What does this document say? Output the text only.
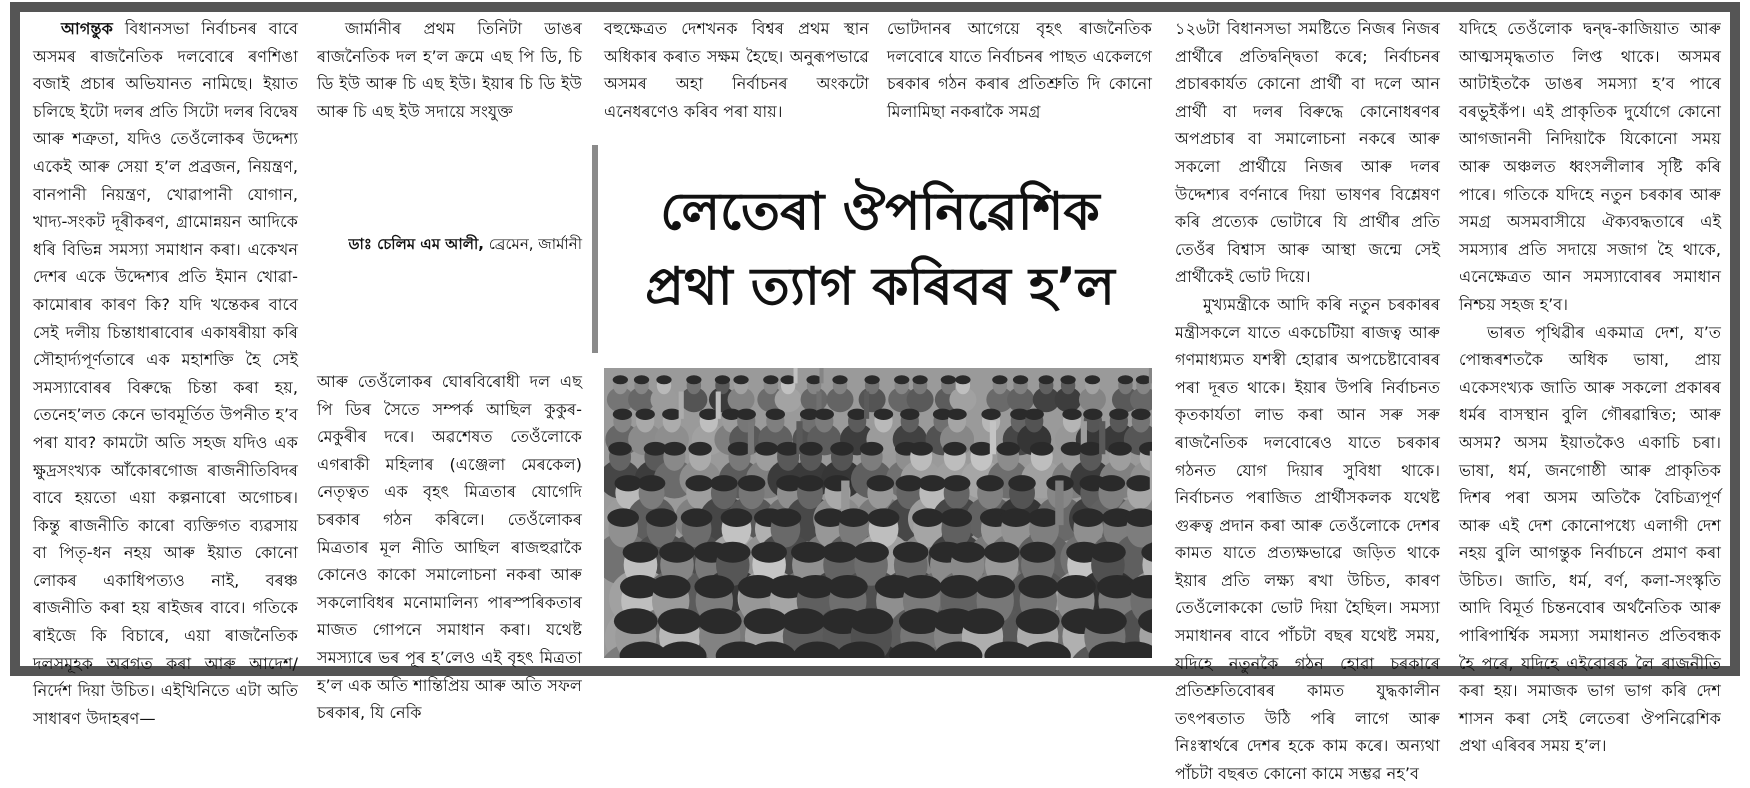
আগন্তুক বিধানসভা নিৰ্বাচনৰ বাবে অসমৰ ৰাজনৈতিক দলবোৰে ৰণশিঙা বজাই প্ৰচাৰ অভিযানত নামিছে। ইয়াত চলিছে ইটো দলৰ প্ৰতি সিটো দলৰ বিদ্বেষ আৰু শত্ৰুতা, যদিও তেওঁলোকৰ উদ্দেশ্য একেই আৰু সেয়া হ’ল প্ৰব্ৰজন, নিয়ন্ত্ৰণ, বানপানী নিয়ন্ত্ৰণ, খোৱাপানী যোগান, খাদ্য-সংকট দূৰীকৰণ, গ্ৰামোন্নয়ন আদিকে ধৰি বিভিন্ন সমস্যা সমাধান কৰা। একেখন দেশৰ একে উদ্দেশ্যৰ প্ৰতি ইমান খোৱা-কামোৰাৰ কাৰণ কি? যদি খন্তেকৰ বাবে সেই দলীয় চিন্তাধাৰাবোৰ একাষৰীয়া কৰি সৌহাৰ্দ্যপূৰ্ণতাৰে এক মহাশক্তি হৈ সেই সমস্যাবোৰৰ বিৰুদ্ধে চিন্তা কৰা হয়, তেনেহ’লত কেনে ভাবমূৰ্তিত উপনীত হ’ব পৰা যাব? কামটো অতি সহজ যদিও এক ক্ষুদ্ৰসংখ্যক আঁকোৰগোজ ৰাজনীতিবিদৰ বাবে হয়তো এয়া কল্পনাৰো অগোচৰ। কিন্তু ৰাজনীতি কাৰো ব্যক্তিগত ব্যৱসায় বা পিতৃ-ধন নহয় আৰু ইয়াত কোনো লোকৰ একাধিপত্যও নাই, বৰঞ্চ ৰাজনীতি কৰা হয় ৰাইজৰ বাবে। গতিকে ৰাইজে কি বিচাৰে, এয়া ৰাজনৈতিক দলসমূহক অৱগত কৰা আৰু আদেশ/নিৰ্দেশ দিয়া উচিত। এইখিনিতে এটা অতি সাধাৰণ উদাহৰণ—

জাৰ্মানীৰ প্ৰথম তিনিটা ডাঙৰ ৰাজনৈতিক দল হ’ল ক্ৰমে এছ পি ডি, চি ডি ইউ আৰু চি এছ ইউ। ইয়াৰ চি ডি ইউ আৰু চি এছ ইউ সদায়ে সংযুক্ত

ডাঃ চেলিম এম আলী, ব্ৰেমেন, জাৰ্মানী

আৰু তেওঁলোকৰ ঘোৰবিৰোধী দল এছ পি ডিৰ সৈতে সম্পৰ্ক আছিল কুকুৰ-মেকুৰীৰ দৰে। অৱশেষত তেওঁলোকে এগৰাকী মহিলাৰ (এঞ্জেলা মেৰকেল) নেতৃত্বত এক বৃহৎ মিত্ৰতাৰ যোগেদি চৰকাৰ গঠন কৰিলে। তেওঁলোকৰ মিত্ৰতাৰ মূল নীতি আছিল ৰাজহুৱাকৈ কোনেও কাকো সমালোচনা নকৰা আৰু সকলোবিধৰ মনোমালিন্য পাৰস্পৰিকতাৰ মাজত গোপনে সমাধান কৰা। যথেষ্ট সমস্যাৰে ভৰ পূৰ হ’লেও এই বৃহৎ মিত্ৰতা হ’ল এক অতি শান্তিপ্ৰিয় আৰু অতি সফল চৰকাৰ, যি নেকি

বহুক্ষেত্ৰত দেশখনক বিশ্বৰ প্ৰথম স্থান অধিকাৰ কৰাত সক্ষম হৈছে। অনুৰূপভাৱে অসমৰ অহা নিৰ্বাচনৰ অংকটো এনেধৰণেও কৰিব পৰা যায়।

ভোটদানৰ আগেয়ে বৃহৎ ৰাজনৈতিক দলবোৰে যাতে নিৰ্বাচনৰ পাছত একেলগে চৰকাৰ গঠন কৰাৰ প্ৰতিশ্ৰুতি দি কোনো মিলামিছা নকৰাকৈ সমগ্ৰ

লেতেৰা ঔপনিৱেশিক
প্ৰথা ত্যাগ কৰিবৰ হ’ল

১২৬টা বিধানসভা সমষ্টিতে নিজৰ নিজৰ প্ৰাৰ্থীৰে প্ৰতিদ্বন্দ্বিতা কৰে; নিৰ্বাচনৰ প্ৰচাৰকাৰ্যত কোনো প্ৰাৰ্থী বা দলে আন প্ৰাৰ্থী বা দলৰ বিৰুদ্ধে কোনোধৰণৰ অপপ্ৰচাৰ বা সমালোচনা নকৰে আৰু সকলো প্ৰাৰ্থীয়ে নিজৰ আৰু দলৰ উদ্দেশ্যৰ বৰ্ণনাৰে দিয়া ভাষণৰ বিশ্লেষণ কৰি প্ৰত্যেক ভোটাৰে যি প্ৰাৰ্থীৰ প্ৰতি তেওঁৰ বিশ্বাস আৰু আস্থা জন্মে সেই প্ৰাৰ্থীকেই ভোট দিয়ে।

মুখ্যমন্ত্ৰীকে আদি কৰি নতুন চৰকাৰৰ মন্ত্ৰীসকলে যাতে একচেটিয়া ৰাজত্ব আৰু গণমাধ্যমত যশস্বী হোৱাৰ অপচেষ্টাবোৰৰ পৰা দূৰত থাকে। ইয়াৰ উপৰি নিৰ্বাচনত কৃতকাৰ্যতা লাভ কৰা আন সৰু সৰু ৰাজনৈতিক দলবোৰেও যাতে চৰকাৰ গঠনত যোগ দিয়াৰ সুবিধা থাকে। নিৰ্বাচনত পৰাজিত প্ৰাৰ্থীসকলক যথেষ্ট গুৰুত্ব প্ৰদান কৰা আৰু তেওঁলোকে দেশৰ কামত যাতে প্ৰত্যক্ষভাৱে জড়িত থাকে ইয়াৰ প্ৰতি লক্ষ্য ৰখা উচিত, কাৰণ তেওঁলোককো ভোট দিয়া হৈছিল। সমস্যা সমাধানৰ বাবে পাঁচটা বছৰ যথেষ্ট সময়, যদিহে নতুনকৈ গঠন হোৱা চৰকাৰে প্ৰতিশ্ৰুতিবোৰৰ কামত যুদ্ধকালীন তৎপৰতাত উঠি পৰি লাগে আৰু নিঃস্বাৰ্থৰে দেশৰ হকে কাম কৰে। অন্যথা পাঁচটা বছৰত কোনো কামে সম্ভৱ নহ’ব

যদিহে তেওঁলোক দ্বন্দ্ব-কাজিয়াত আৰু আত্মসমৃদ্ধতাত লিপ্ত থাকে। অসমৰ আটাইতকৈ ডাঙৰ সমস্যা হ’ব পাৰে বৰভুইকঁপ। এই প্ৰাকৃতিক দুৰ্যোগে কোনো আগজাননী নিদিয়াকৈ যিকোনো সময় আৰু অঞ্চলত ধ্বংসলীলাৰ সৃষ্টি কৰি পাৰে। গতিকে যদিহে নতুন চৰকাৰ আৰু সমগ্ৰ অসমবাসীয়ে ঐক্যবদ্ধতাৰে এই সমস্যাৰ প্ৰতি সদায়ে সজাগ হৈ থাকে, এনেক্ষেত্ৰত আন সমস্যাবোৰৰ সমাধান নিশ্চয় সহজ হ’ব।

ভাৰত পৃথিৱীৰ একমাত্ৰ দেশ, য’ত পোন্ধৰশতকৈ অধিক ভাষা, প্ৰায় একেসংখ্যক জাতি আৰু সকলো প্ৰকাৰৰ ধৰ্মৰ বাসস্থান বুলি গৌৰৱান্বিত; আৰু অসম? অসম ইয়াতকৈও একাচি চৰা। ভাষা, ধৰ্ম, জনগোষ্ঠী আৰু প্ৰাকৃতিক দিশৰ পৰা অসম অতিকৈ বৈচিত্ৰ্যপূৰ্ণ আৰু এই দেশ কোনোপধ্যে এলাগী দেশ নহয় বুলি আগন্তুক নিৰ্বাচনে প্ৰমাণ কৰা উচিত। জাতি, ধৰ্ম, বৰ্ণ, কলা-সংস্কৃতি আদি বিমূৰ্ত চিন্তনবোৰ অৰ্থনৈতিক আৰু পাৰিপাৰ্শ্বিক সমস্যা সমাধানত প্ৰতিবন্ধক হৈ পৰে, যদিহে এইবোৰক লৈ ৰাজনীতি কৰা হয়। সমাজক ভাগ ভাগ কৰি দেশ শাসন কৰা সেই লেতেৰা ঔপনিৱেশিক প্ৰথা এৰিবৰ সময় হ’ল।
